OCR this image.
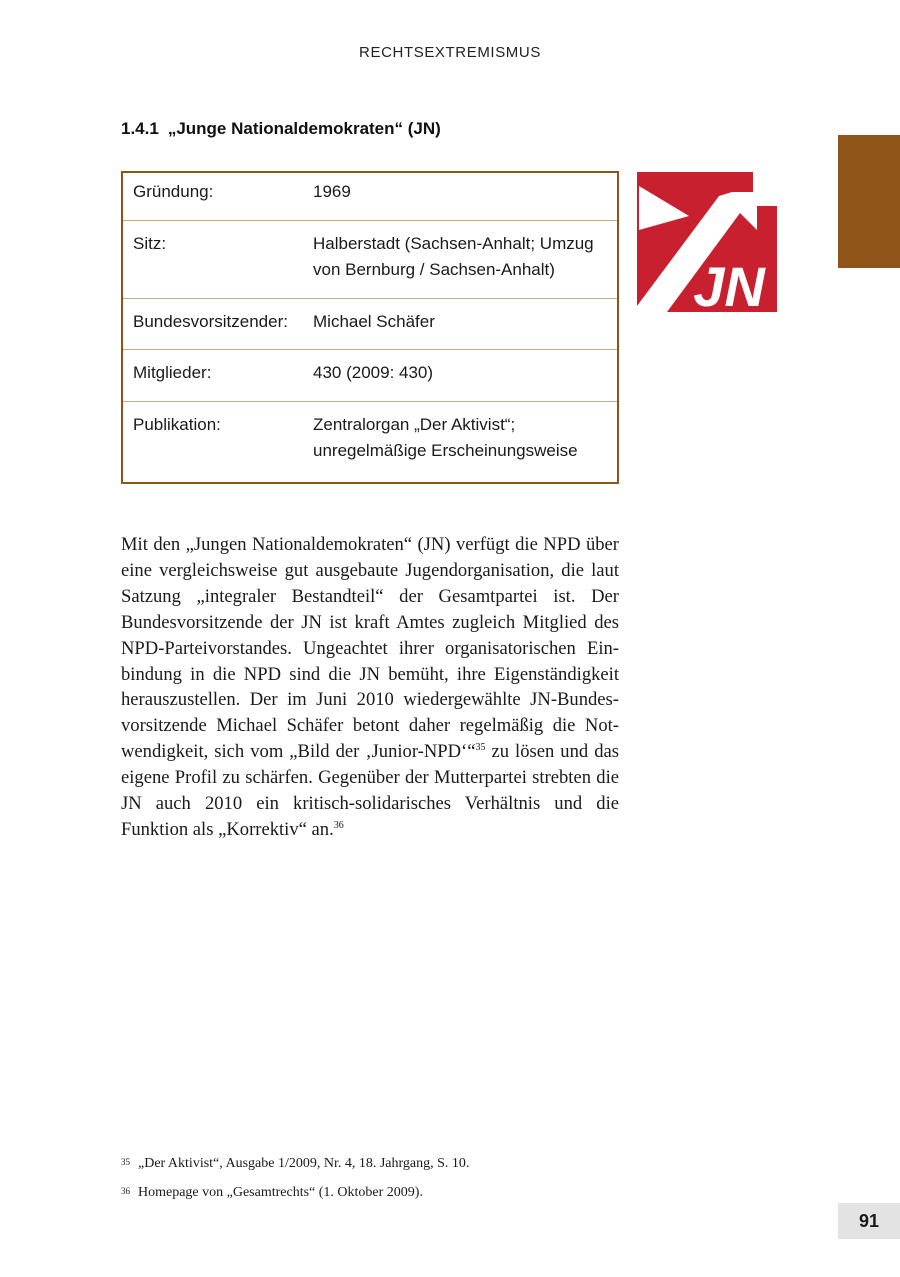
RECHTSEXTREMISMUS
1.4.1 „Junge Nationaldemokraten“ (JN)
Gründung:	1969
Sitz:	Halberstadt (Sachsen-Anhalt; Umzug von Bernburg / Sachsen-Anhalt)
Bundesvorsitzender:	Michael Schäfer
Mitglieder:	430 (2009: 430)
Publikation:	Zentralorgan „Der Aktivist“; unregelmäßige Erscheinungsweise
JN
Mit den „Jungen Nationaldemokraten“ (JN) verfügt die NPD über eine vergleichsweise gut ausgebaute Jugendorganisation, die laut Satzung „integraler Bestandteil“ der Gesamtpartei ist. Der Bundesvorsitzende der JN ist kraft Amtes zugleich Mitglied des NPD-Parteivorstandes. Ungeachtet ihrer organisatorischen Einbindung in die NPD sind die JN bemüht, ihre Eigenständigkeit herauszustellen. Der im Juni 2010 wiedergewählte JN-Bundesvorsitzende Michael Schäfer betont daher regelmäßig die Notwendigkeit, sich vom „Bild der ‚Junior-NPD‘“$^{35}$ zu lösen und das eigene Profil zu schärfen. Gegenüber der Mutterpartei strebten die JN auch 2010 ein kritisch-solidarisches Verhältnis und die Funktion als „Korrektiv“ an.$^{36}$
35 „Der Aktivist“, Ausgabe 1/2009, Nr. 4, 18. Jahrgang, S. 10.
36 Homepage von „Gesamtrechts“ (1. Oktober 2009).
91
